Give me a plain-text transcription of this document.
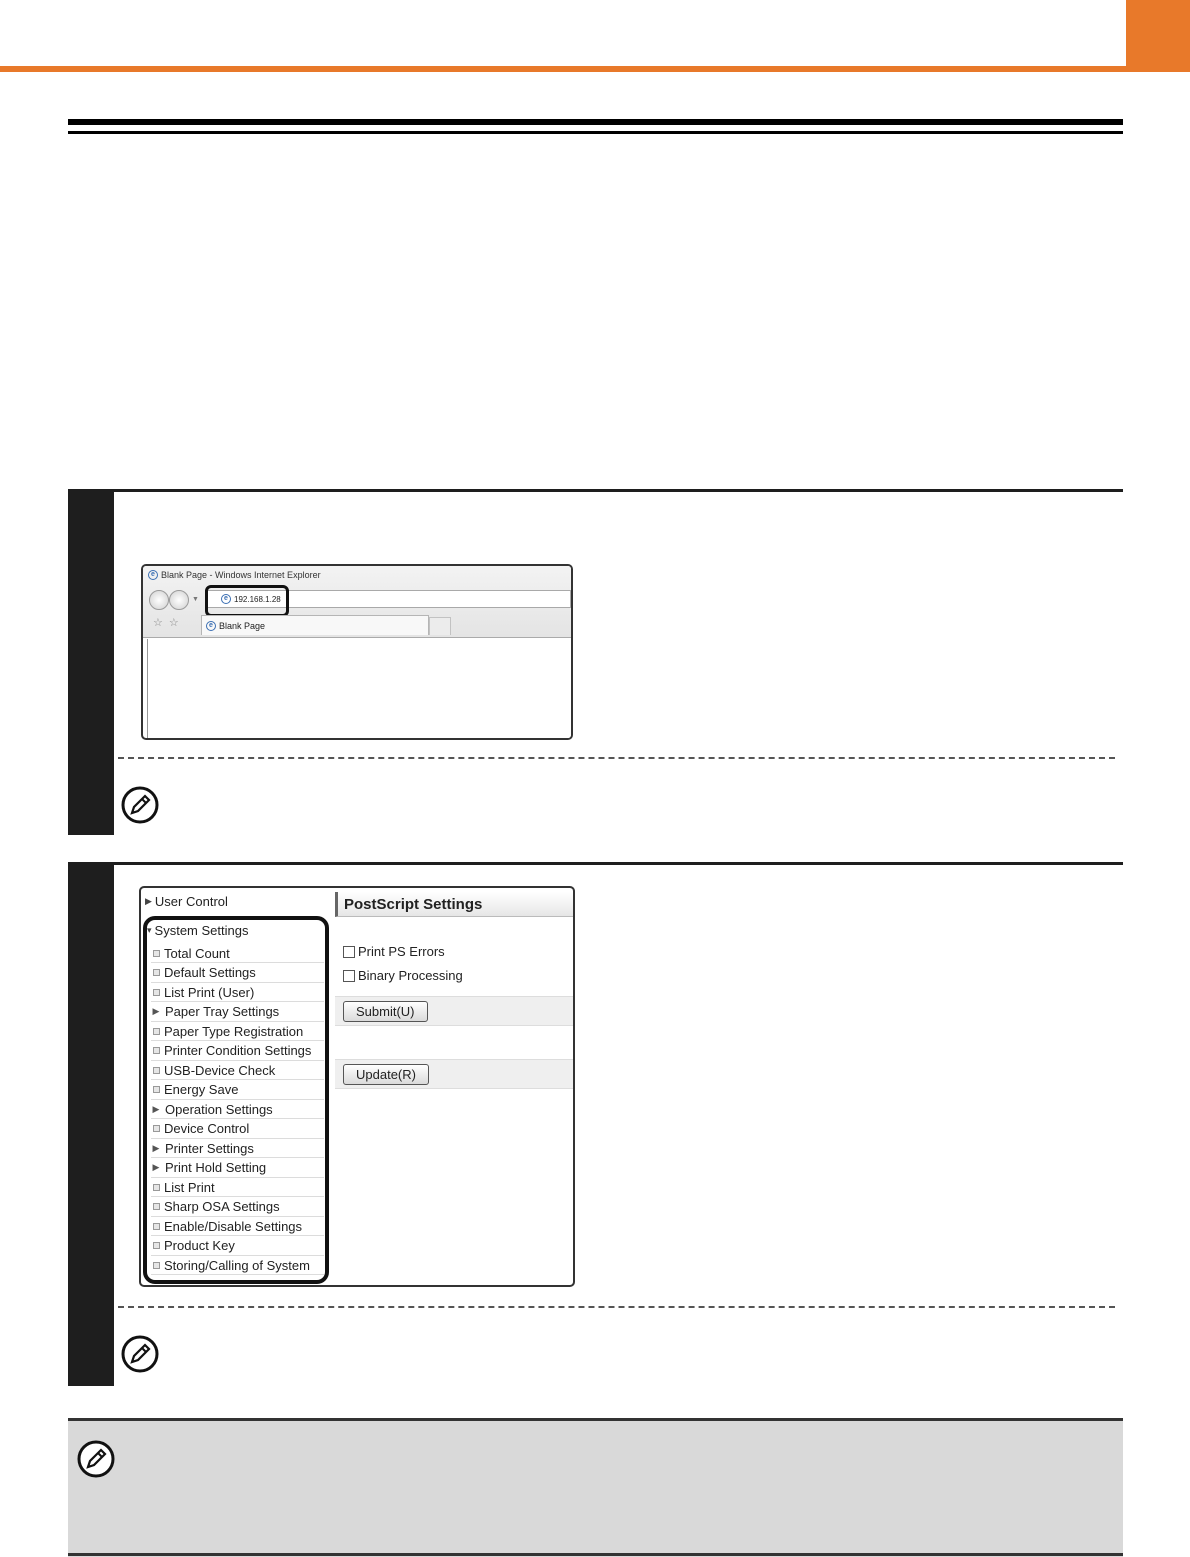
e Blank Page - Windows Internet Explorer
▼	e 192.168.1.28
☆☆	e Blank Page
▶ User Control
▾ System Settings
Total Count
Default Settings
List Print (User)
▶ Paper Tray Settings
Paper Type Registration
Printer Condition Settings
USB-Device Check
Energy Save
▶ Operation Settings
Device Control
▶ Printer Settings
▶ Print Hold Setting
List Print
Sharp OSA Settings
Enable/Disable Settings
Product Key
Storing/Calling of System
PostScript Settings
Print PS Errors
Binary Processing
Submit(U)
Update(R)
